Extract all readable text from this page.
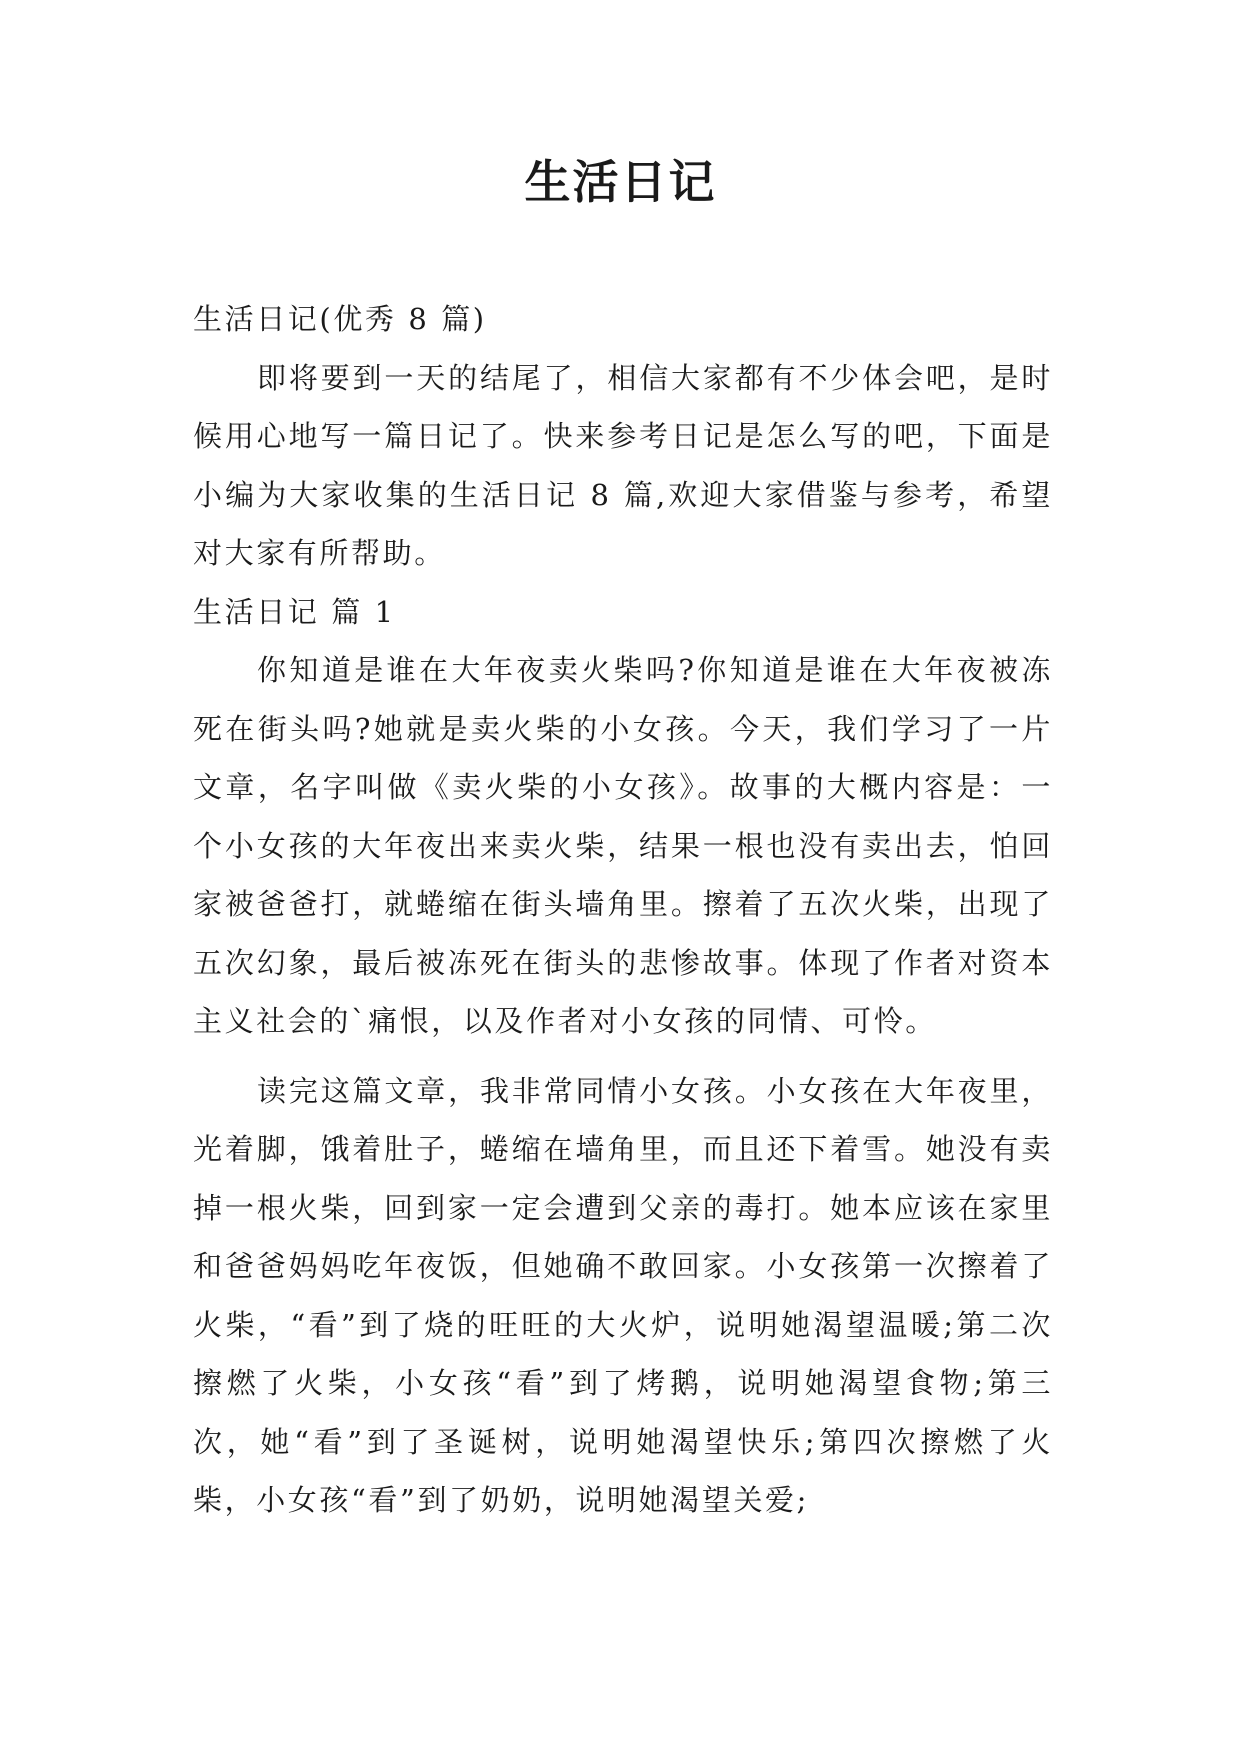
生活日记

生活日记(优秀 8 篇)

即将要到一天的结尾了，相信大家都有不少体会吧，是时候用心地写一篇日记了。快来参考日记是怎么写的吧，下面是小编为大家收集的生活日记 8 篇,欢迎大家借鉴与参考，希望对大家有所帮助。

生活日记 篇 1

你知道是谁在大年夜卖火柴吗?你知道是谁在大年夜被冻死在街头吗?她就是卖火柴的小女孩。今天，我们学习了一片文章，名字叫做《卖火柴的小女孩》。故事的大概内容是：一个小女孩的大年夜出来卖火柴，结果一根也没有卖出去，怕回家被爸爸打，就蜷缩在街头墙角里。擦着了五次火柴，出现了五次幻象，最后被冻死在街头的悲惨故事。体现了作者对资本主义社会的`痛恨，以及作者对小女孩的同情、可怜。

读完这篇文章，我非常同情小女孩。小女孩在大年夜里，光着脚，饿着肚子，蜷缩在墙角里，而且还下着雪。她没有卖掉一根火柴，回到家一定会遭到父亲的毒打。她本应该在家里和爸爸妈妈吃年夜饭，但她确不敢回家。小女孩第一次擦着了火柴，“看”到了烧的旺旺的大火炉，说明她渴望温暖;第二次擦燃了火柴，小女孩“看”到了烤鹅，说明她渴望食物;第三次，她“看”到了圣诞树，说明她渴望快乐;第四次擦燃了火柴，小女孩“看”到了奶奶，说明她渴望关爱;
